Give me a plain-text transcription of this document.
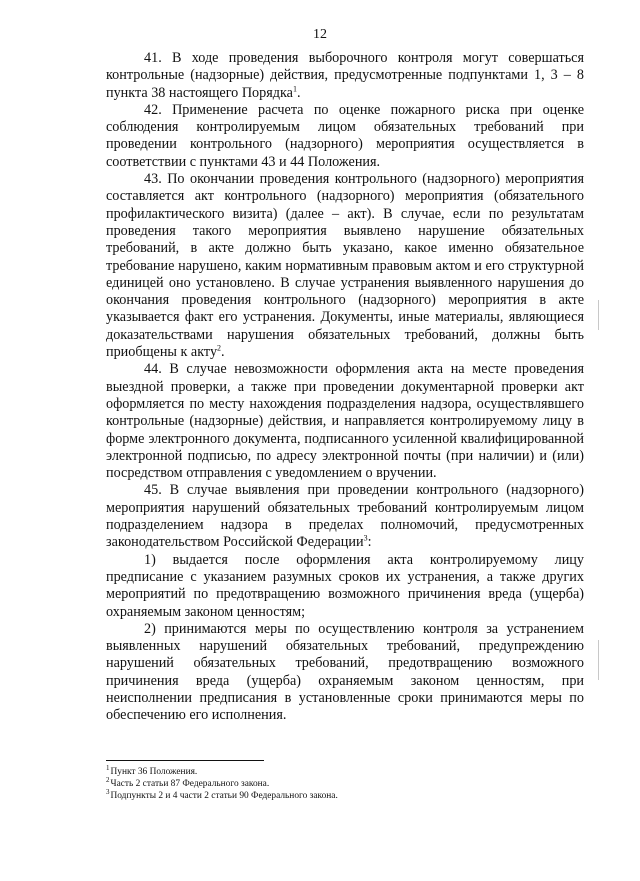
12

41. В ходе проведения выборочного контроля могут совершаться контрольные (надзорные) действия, предусмотренные подпунктами 1, 3 – 8 пункта 38 настоящего Порядка$^1$.

42. Применение расчета по оценке пожарного риска при оценке соблюдения контролируемым лицом обязательных требований при проведении контрольного (надзорного) мероприятия осуществляется в соответствии с пунктами 43 и 44 Положения.

43. По окончании проведения контрольного (надзорного) мероприятия составляется акт контрольного (надзорного) мероприятия (обязательного профилактического визита) (далее – акт). В случае, если по результатам проведения такого мероприятия выявлено нарушение обязательных требований, в акте должно быть указано, какое именно обязательное требование нарушено, каким нормативным правовым актом и его структурной единицей оно установлено. В случае устранения выявленного нарушения до окончания проведения контрольного (надзорного) мероприятия в акте указывается факт его устранения. Документы, иные материалы, являющиеся доказательствами нарушения обязательных требований, должны быть приобщены к акту$^2$.

44. В случае невозможности оформления акта на месте проведения выездной проверки, а также при проведении документарной проверки акт оформляется по месту нахождения подразделения надзора, осуществлявшего контрольные (надзорные) действия, и направляется контролируемому лицу в форме электронного документа, подписанного усиленной квалифицированной электронной подписью, по адресу электронной почты (при наличии) и (или) посредством отправления с уведомлением о вручении.

45. В случае выявления при проведении контрольного (надзорного) мероприятия нарушений обязательных требований контролируемым лицом подразделением надзора в пределах полномочий, предусмотренных законодательством Российской Федерации$^3$:

1) выдается после оформления акта контролируемому лицу предписание с указанием разумных сроков их устранения, а также других мероприятий по предотвращению возможного причинения вреда (ущерба) охраняемым законом ценностям;

2) принимаются меры по осуществлению контроля за устранением выявленных нарушений обязательных требований, предупреждению нарушений обязательных требований, предотвращению возможного причинения вреда (ущерба) охраняемым законом ценностям, при неисполнении предписания в установленные сроки принимаются меры по обеспечению его исполнения.

$^1$Пункт 36 Положения.
$^2$Часть 2 статьи 87 Федерального закона.
$^3$Подпункты 2 и 4 части 2 статьи 90 Федерального закона.
